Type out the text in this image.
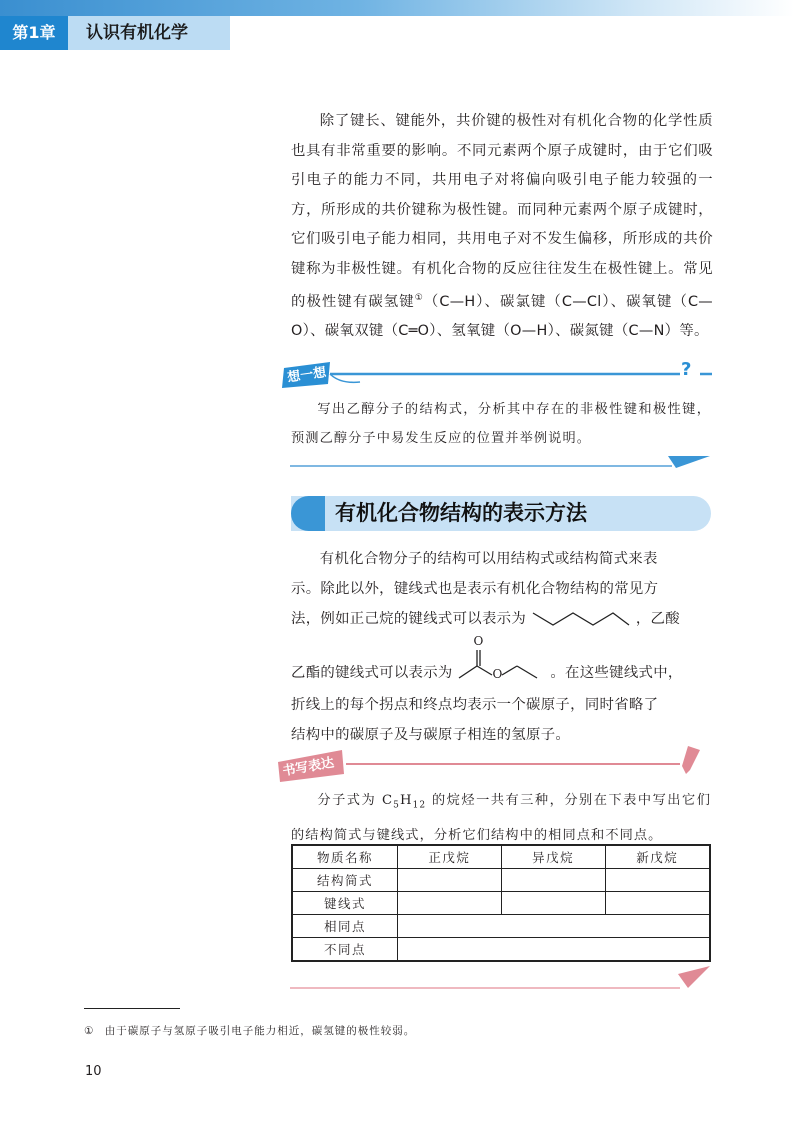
第1章	认识有机化学

除了键长、键能外，共价键的极性对有机化合物的化学性质也具有非常重要的影响。不同元素两个原子成键时，由于它们吸引电子的能力不同，共用电子对将偏向吸引电子能力较强的一方，所形成的共价键称为极性键。而同种元素两个原子成键时，它们吸引电子能力相同，共用电子对不发生偏移，所形成的共价键称为非极性键。有机化合物的反应往往发生在极性键上。常见的极性键有碳氢键①（C—H）、碳氯键（C—Cl）、碳氧键（C—O）、碳氧双键（C═O）、氢氧键（O—H）、碳氮键（C—N）等。

想一想	?

写出乙醇分子的结构式，分析其中存在的非极性键和极性键，预测乙醇分子中易发生反应的位置并举例说明。

有机化合物结构的表示方法
有机化合物分子的结构可以用结构式或结构简式来表
示。除此以外，键线式也是表示有机化合物结构的常见方
法，例如正己烷的键线式可以表示为	，乙酸
乙酯的键线式可以表示为
O
O	。在这些键线式中，
折线上的每个拐点和终点均表示一个碳原子，同时省略了
结构中的碳原子及与碳原子相连的氢原子。
书写表达

分子式为 $C_5H_{12}$ 的烷烃一共有三种，分别在下表中写出它们的结构简式与键线式，分析它们结构中的相同点和不同点。

物质名称	正戊烷	异戊烷	新戊烷
结构简式			
键线式			
相同点			
不同点			
① 由于碳原子与氢原子吸引电子能力相近，碳氢键的极性较弱。
10
